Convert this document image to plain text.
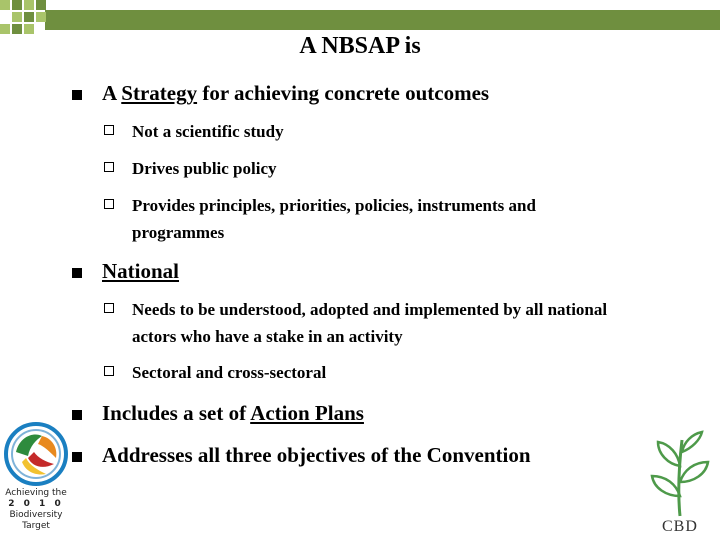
A NBSAP is
A Strategy for achieving concrete outcomes
Not a scientific study
Drives public policy
Provides principles, priorities, policies, instruments and
programmes
National
Needs to be understood, adopted and implemented by all national
actors who have a stake in an activity
Sectoral and cross-sectoral
Includes a set of Action Plans
Addresses all three objectives of the Convention
Achieving the
2 0 1 0
Biodiversity
Target	CBD
